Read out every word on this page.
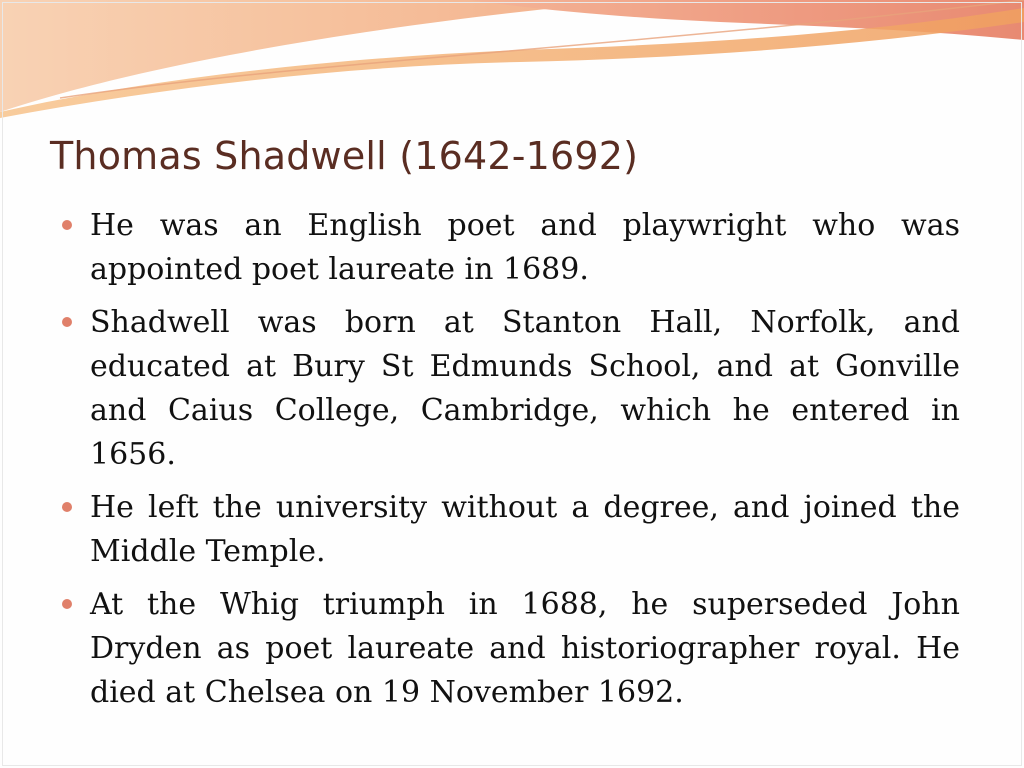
Thomas Shadwell (1642-1692)
He was an English poet and playwright who was appointed poet laureate in 1689.
Shadwell was born at Stanton Hall, Norfolk, and educated at Bury St Edmunds School, and at Gonville and Caius College, Cambridge, which he entered in 1656.
He left the university without a degree, and joined the Middle Temple.
At the Whig triumph in 1688, he superseded John Dryden as poet laureate and historiographer royal. He died at Chelsea on 19 November 1692.
